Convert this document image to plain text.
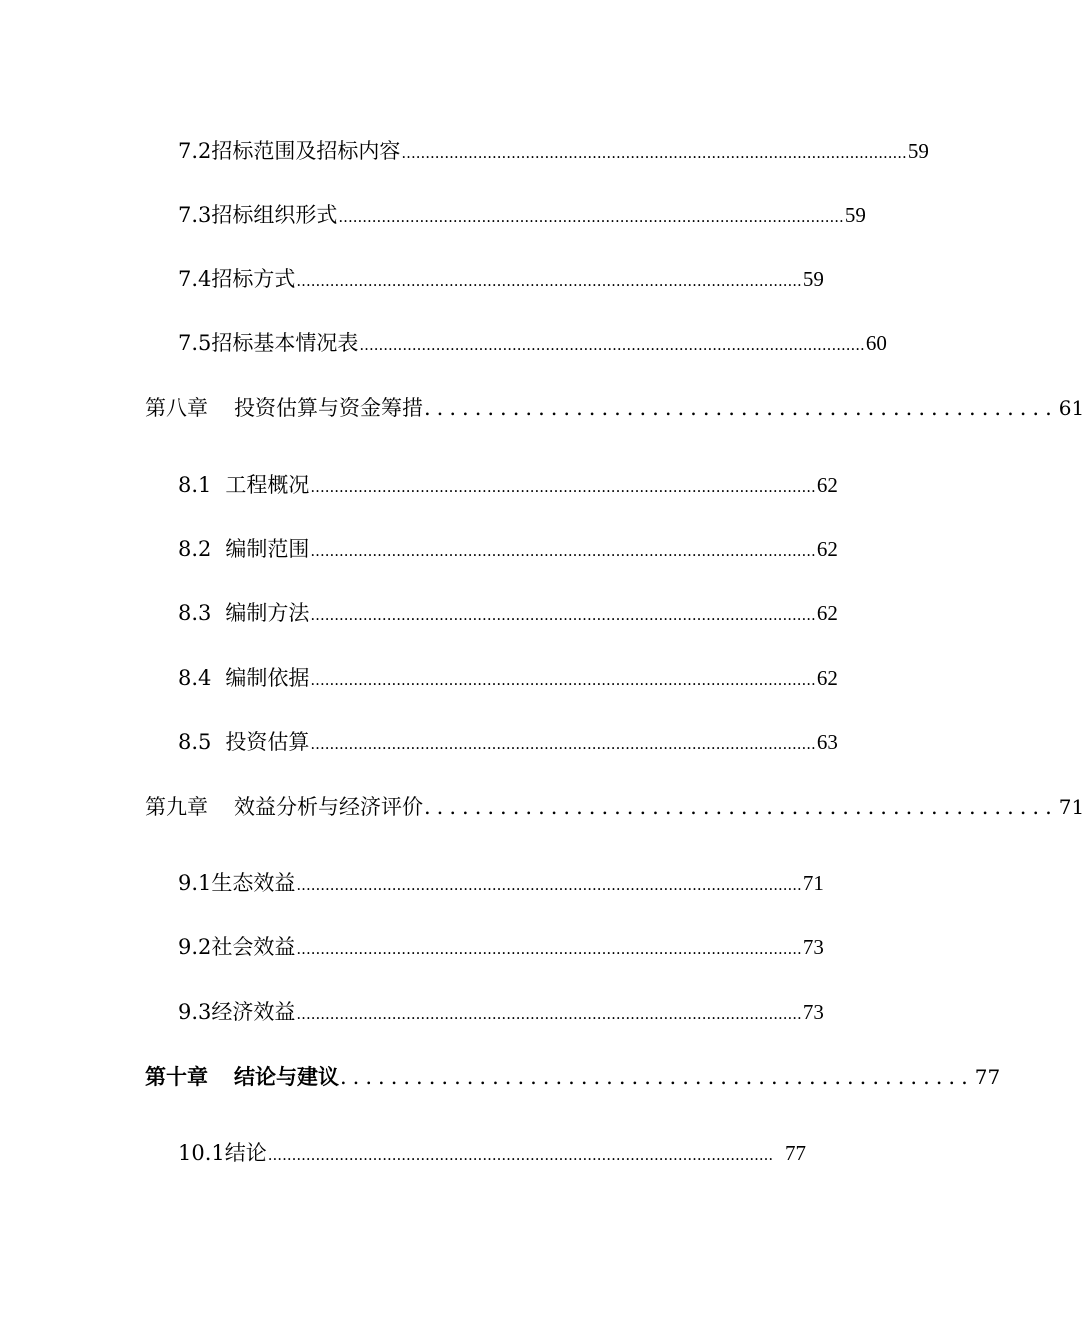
7.2 招标范围及招标内容 .......................................................................................................... 59
7.3 招标组织形式 .......................................................................................................... 59
7.4 招标方式 .......................................................................................................... 59
7.5 招标基本情况表 .......................................................................................................... 60
第八章 投资估算与资金筹措 .................................................. 61
8.1 工程概况 .......................................................................................................... 62
8.2 编制范围 .......................................................................................................... 62
8.3 编制方法 .......................................................................................................... 62
8.4 编制依据 .......................................................................................................... 62
8.5 投资估算 .......................................................................................................... 63
第九章 效益分析与经济评价 .................................................. 71
9.1 生态效益 .......................................................................................................... 71
9.2 社会效益 .......................................................................................................... 73
9.3 经济效益 .......................................................................................................... 73
第十章 结论与建议 .................................................. 77
10.1 结论 .......................................................................................................... 77
